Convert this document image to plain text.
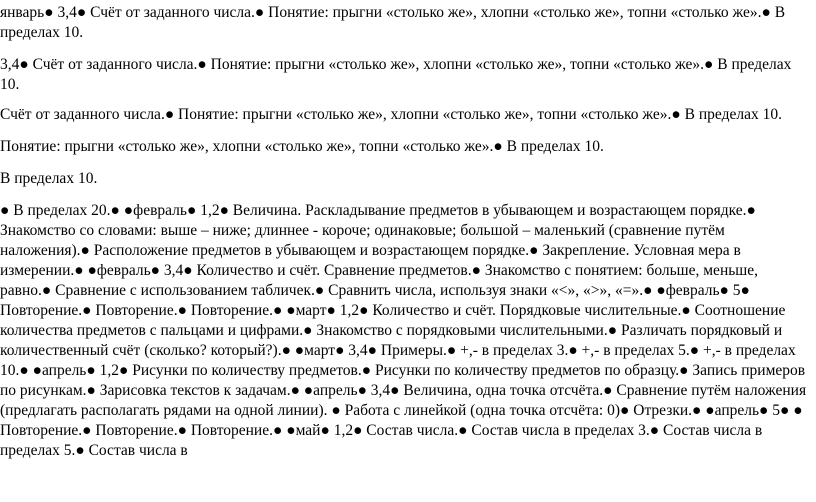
январь● 3,4● Счёт от заданного числа.● Понятие: прыгни «столько же», хлопни «столько же», топни «столько же».● В пределах 10.

3,4● Счёт от заданного числа.● Понятие: прыгни «столько же», хлопни «столько же», топни «столько же».● В пределах 10.

Счёт от заданного числа.● Понятие: прыгни «столько же», хлопни «столько же», топни «столько же».● В пределах 10.

Понятие: прыгни «столько же», хлопни «столько же», топни «столько же».● В пределах 10.

В пределах 10.

● В пределах 20.● ●февраль● 1,2● Величина. Раскладывание предметов в убывающем и возрастающем порядке.● Знакомство со словами: выше – ниже; длиннее - короче; одинаковые; большой – маленький (сравнение путём наложения).● Расположение предметов в убывающем и возрастающем порядке.● Закрепление. Условная мера в измерении.● ●февраль● 3,4● Количество и счёт. Сравнение предметов.● Знакомство с понятием: больше, меньше, равно.● Сравнение с использованием табличек.● Сравнить числа, используя знаки «<», «>», «=».● ●февраль● 5● Повторение.● Повторение.● Повторение.● ●март● 1,2● Количество и счёт. Порядковые числительные.● Соотношение количества предметов с пальцами и цифрами.● Знакомство с порядковыми числительными.● Различать порядковый и количественный счёт (сколько? который?).● ●март● 3,4● Примеры.● +,- в пределах 3.● +,- в пределах 5.● +,- в пределах 10.● ●апрель● 1,2● Рисунки по количеству предметов.● Рисунки по количеству предметов по образцу.● Запись примеров по рисункам.● Зарисовка текстов к задачам.● ●апрель● 3,4● Величина, одна точка отсчёта.● Сравнение путём наложения (предлагать располагать рядами на одной линии). ● Работа с линейкой (одна точка отсчёта: 0)● Отрезки.● ●апрель● 5● ● Повторение.● Повторение.● Повторение.● ●май● 1,2● Состав числа.● Состав числа в пределах 3.● Состав числа в пределах 5.● Состав числа в
